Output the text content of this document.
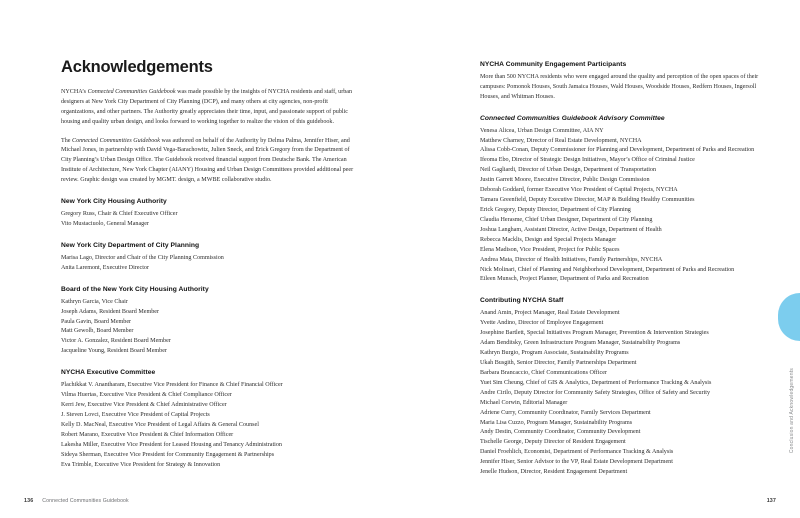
Acknowledgements

NYCHA’s Connected Communities Guidebook was made possible by the insights of NYCHA residents and staff, urban designers at New York City Department of City Planning (DCP), and many others at city agencies, non-profit organizations, and other partners. The Authority greatly appreciates their time, input, and passionate support of public housing and quality urban design, and looks forward to working together to realize the vision of this guidebook.

The Connected Communities Guidebook was authored on behalf of the Authority by Delma Palma, Jennifer Hiser, and Michael Jones, in partnership with David Vega-Barachowitz, Julien Sneck, and Erick Gregory from the Department of City Planning’s Urban Design Office. The Guidebook received financial support from Deutsche Bank. The American Institute of Architecture, New York Chapter (AIANY) Housing and Urban Design Committees provided additional peer review. Graphic design was created by MGMT. design, a MWBE collaborative studio.

New York City Housing Authority
Gregory Russ, Chair & Chief Executive Officer
Vito Mustaciuolo, General Manager
New York City Department of City Planning
Marisa Lago, Director and Chair of the City Planning Commission
Anita Laremont, Executive Director
Board of the New York City Housing Authority
Kathryn Garcia, Vice Chair
Joseph Adams, Resident Board Member
Paula Gavin, Board Member
Matt Gewolb, Board Member
Victor A. Gonzalez, Resident Board Member
Jacqueline Young, Resident Board Member
NYCHA Executive Committee
Plachikkat V. Anantharam, Executive Vice President for Finance & Chief Financial Officer
Vilma Huertas, Executive Vice President & Chief Compliance Officer
Kerri Jew, Executive Vice President & Chief Administrative Officer
J. Steven Lovci, Executive Vice President of Capital Projects
Kelly D. MacNeal, Executive Vice President of Legal Affairs & General Counsel
Robert Marano, Executive Vice President & Chief Information Officer
Lakesha Miller, Executive Vice President for Leased Housing and Tenancy Administration
Sideya Sherman, Executive Vice President for Community Engagement & Partnerships
Eva Trimble, Executive Vice President for Strategy & Innovation
136 Connected Communities Guidebook
NYCHA Community Engagement Participants

More than 500 NYCHA residents who were engaged around the quality and perception of the open spaces of their campuses: Pomonok Houses, South Jamaica Houses, Wald Houses, Woodside Houses, Redfern Houses, Ingersoll Houses, and Whitman Houses.

Connected Communities Guidebook Advisory Committee
Venesa Alicea, Urban Design Committee, AIA NY
Matthew Charney, Director of Real Estate Development, NYCHA
Alissa Cobb-Conan, Deputy Commissioner for Planning and Development, Department of Parks and Recreation
Ifeoma Ebo, Director of Strategic Design Initiatives, Mayor’s Office of Criminal Justice
Neil Gagliardi, Director of Urban Design, Department of Transportation
Justin Garrett Moore, Executive Director, Public Design Commission
Deborah Goddard, former Executive Vice President of Capital Projects, NYCHA
Tamara Greenfield, Deputy Executive Director, MAP & Building Healthy Communities
Erick Gregory, Deputy Director, Department of City Planning
Claudia Herasme, Chief Urban Designer, Department of City Planning
Joshua Langham, Assistant Director, Active Design, Department of Health
Rebecca Macklis, Design and Special Projects Manager
Elena Madison, Vice President, Project for Public Spaces
Andrea Mata, Director of Health Initiatives, Family Partnerships, NYCHA
Nick Molinari, Chief of Planning and Neighborhood Development, Department of Parks and Recreation
Eileen Munsch, Project Planner, Department of Parks and Recreation
Contributing NYCHA Staff
Anand Amin, Project Manager, Real Estate Development
Yvette Andino, Director of Employee Engagement
Josephine Bartlett, Special Initiatives Program Manager, Prevention & Intervention Strategies
Adam Benditsky, Green Infrastructure Program Manager, Sustainability Programs
Kathryn Burgio, Program Associate, Sustainability Programs
Ukah Busgith, Senior Director, Family Partnerships Department
Barbara Brancaccio, Chief Communications Officer
Yuet Sim Cheung, Chief of GIS & Analytics, Department of Performance Tracking & Analysis
Andre Cirilo, Deputy Director for Community Safety Strategies, Office of Safety and Security
Michael Corwin, Editorial Manager
Adriene Curry, Community Coordinator, Family Services Department
Maria Lisa Cuzzo, Program Manager, Sustainability Programs
Andy Destin, Community Coordinator, Community Development
Tischelle George, Deputy Director of Resident Engagement
Daniel Froehlich, Economist, Department of Performance Tracking & Analysis
Jennifer Hiser, Senior Advisor to the VP, Real Estate Development Department
Jenelle Hudson, Director, Resident Engagement Department
Conclusion and Acknowledgements
137
